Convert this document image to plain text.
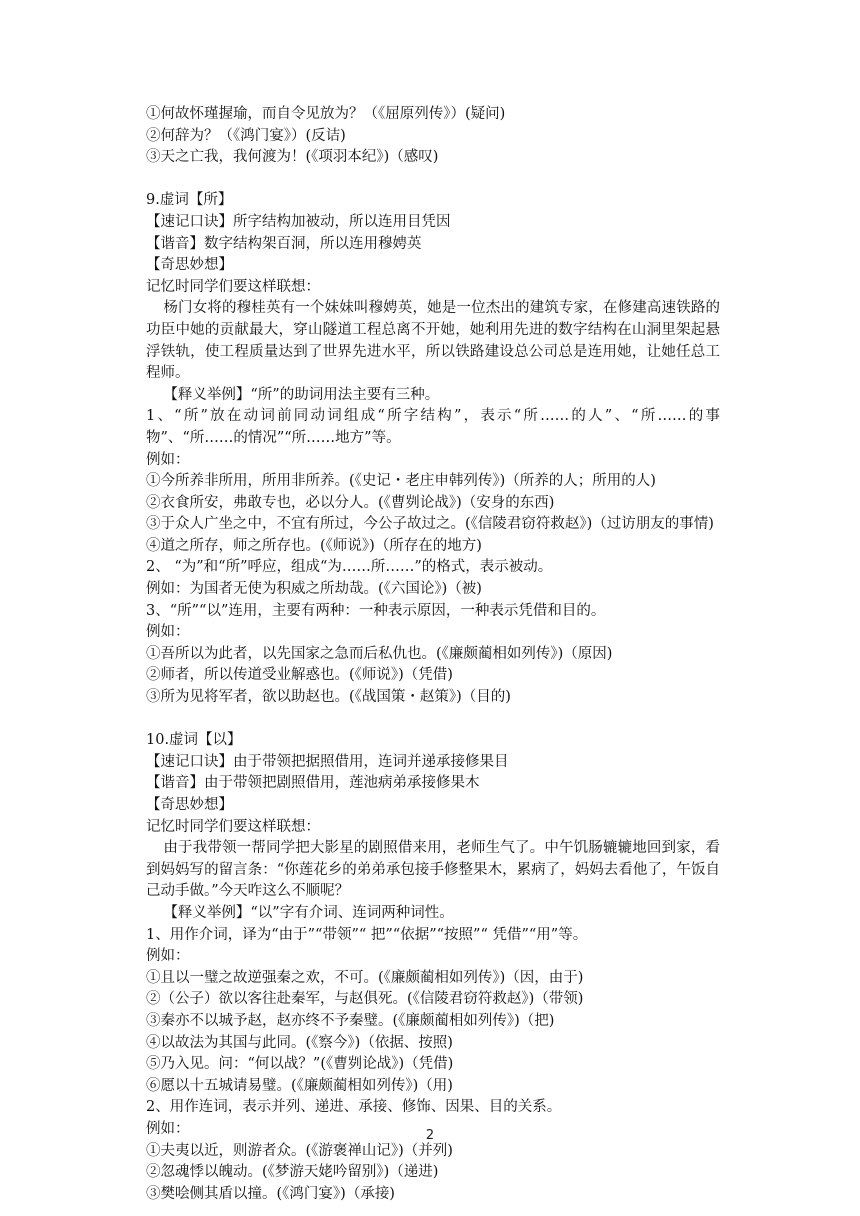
①何故怀瑾握瑜，而自令见放为？（《屈原列传》）(疑问)
②何辞为？（《鸿门宴》）(反诘)
③天之亡我，我何渡为！(《项羽本纪》)（感叹)
9.虚词【所】
【速记口诀】所字结构加被动，所以连用目凭因
【谐音】数字结构架百洞，所以连用穆娉英
【奇思妙想】
记忆时同学们要这样联想：
杨门女将的穆桂英有一个妹妹叫穆娉英，她是一位杰出的建筑专家，在修建高速铁路的功臣中她的贡献最大，穿山隧道工程总离不开她，她利用先进的数字结构在山洞里架起悬浮铁轨，使工程质量达到了世界先进水平，所以铁路建设总公司总是连用她，让她任总工程师。
【释义举例】“所”的助词用法主要有三种。
1、“所”放在动词前同动词组成“所字结构”，表示“所……的人”、“所……的事物”、“所……的情况”“所……地方”等。
例如：
①今所养非所用，所用非所养。(《史记・老庄申韩列传》)（所养的人；所用的人)
②衣食所安，弗敢专也，必以分人。(《曹刿论战》)（安身的东西)
③于众人广坐之中，不宜有所过，今公子故过之。(《信陵君窃符救赵》)（过访朋友的事情)
④道之所存，师之所存也。(《师说》)（所存在的地方)
2、 “为”和“所”呼应，组成“为……所……”的格式，表示被动。
例如：为国者无使为积威之所劫哉。(《六国论》)（被)
3、“所”“以”连用，主要有两种：一种表示原因，一种表示凭借和目的。
例如：
①吾所以为此者，以先国家之急而后私仇也。(《廉颇蔺相如列传》)（原因)
②师者，所以传道受业解惑也。(《师说》)（凭借)
③所为见将军者，欲以助赵也。(《战国策・赵策》)（目的)
10.虚词【以】
【速记口诀】由于带领把据照借用，连词并递承接修果目
【谐音】由于带领把剧照借用，莲池病弟承接修果木
【奇思妙想】
记忆时同学们要这样联想：
由于我带领一帮同学把大影星的剧照借来用，老师生气了。中午饥肠辘辘地回到家，看到妈妈写的留言条：“你莲花乡的弟弟承包接手修整果木，累病了，妈妈去看他了，午饭自己动手做。”今天咋这么不顺呢？
【释义举例】“以”字有介词、连词两种词性。
1、用作介词，译为“由于”“带领”“ 把”“依据”“按照”“ 凭借”“用”等。
例如：
①且以一璧之故逆强秦之欢，不可。(《廉颇蔺相如列传》)（因，由于)
②（公子）欲以客往赴秦军，与赵俱死。(《信陵君窃符救赵》)（带领)
③秦亦不以城予赵，赵亦终不予秦璧。(《廉颇蔺相如列传》)（把)
④以故法为其国与此同。(《察今》)（依据、按照)
⑤乃入见。问：“何以战？”(《曹刿论战》)（凭借)
⑥愿以十五城请易璧。(《廉颇蔺相如列传》)（用)
2、用作连词，表示并列、递进、承接、修饰、因果、目的关系。
例如：
①夫夷以近，则游者众。(《游褒禅山记》)（并列)
②忽魂悸以魄动。(《梦游天姥吟留别》)（递进)
③樊哙侧其盾以撞。(《鸿门宴》)（承接)
2
